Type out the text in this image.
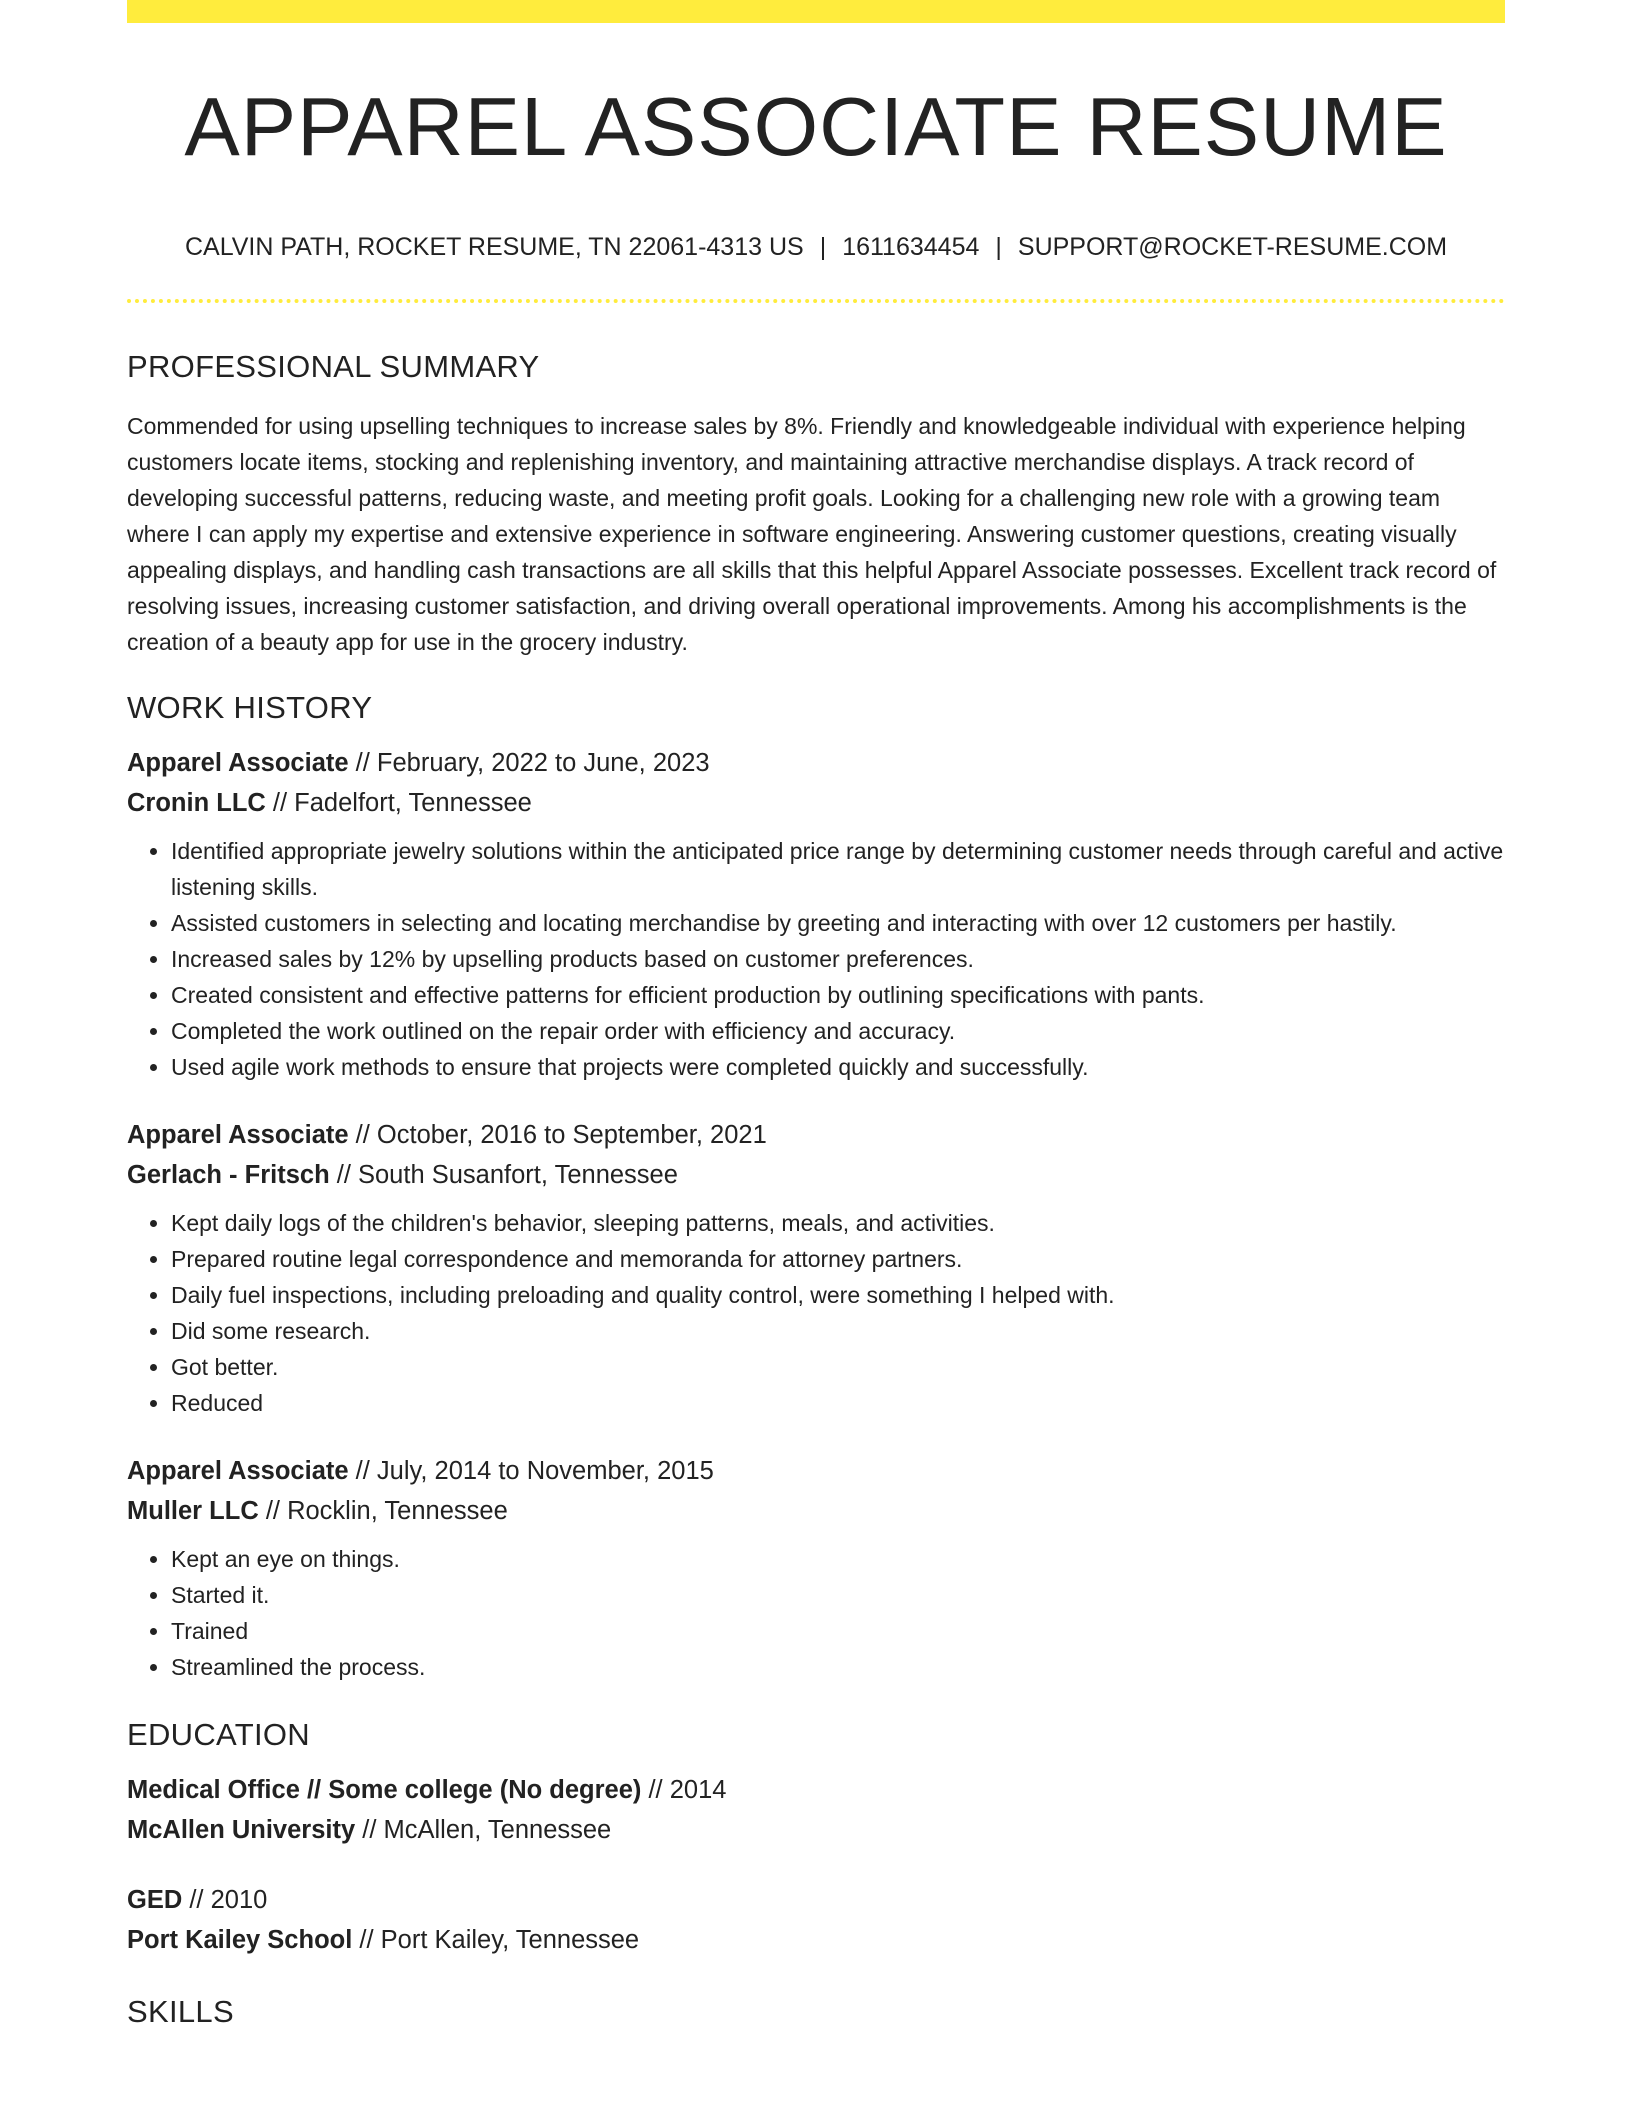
APPAREL ASSOCIATE RESUME
CALVIN PATH, ROCKET RESUME, TN 22061-4313 US | 1611634454 | SUPPORT@ROCKET-RESUME.COM
PROFESSIONAL SUMMARY

Commended for using upselling techniques to increase sales by 8%. Friendly and knowledgeable individual with experience helping customers locate items, stocking and replenishing inventory, and maintaining attractive merchandise displays. A track record of developing successful patterns, reducing waste, and meeting profit goals. Looking for a challenging new role with a growing team where I can apply my expertise and extensive experience in software engineering. Answering customer questions, creating visually appealing displays, and handling cash transactions are all skills that this helpful Apparel Associate possesses. Excellent track record of resolving issues, increasing customer satisfaction, and driving overall operational improvements. Among his accomplishments is the creation of a beauty app for use in the grocery industry.

WORK HISTORY
Apparel Associate // February, 2022 to June, 2023
Cronin LLC // Fadelfort, Tennessee
• Identified appropriate jewelry solutions within the anticipated price range by determining customer needs through careful and active listening skills.
• Assisted customers in selecting and locating merchandise by greeting and interacting with over 12 customers per hastily.
• Increased sales by 12% by upselling products based on customer preferences.
• Created consistent and effective patterns for efficient production by outlining specifications with pants.
• Completed the work outlined on the repair order with efficiency and accuracy.
• Used agile work methods to ensure that projects were completed quickly and successfully.
Apparel Associate // October, 2016 to September, 2021
Gerlach - Fritsch // South Susanfort, Tennessee
• Kept daily logs of the children's behavior, sleeping patterns, meals, and activities.
• Prepared routine legal correspondence and memoranda for attorney partners.
• Daily fuel inspections, including preloading and quality control, were something I helped with.
• Did some research.
• Got better.
• Reduced
Apparel Associate // July, 2014 to November, 2015
Muller LLC // Rocklin, Tennessee
• Kept an eye on things.
• Started it.
• Trained
• Streamlined the process.
EDUCATION
Medical Office // Some college (No degree) // 2014
McAllen University // McAllen, Tennessee
GED // 2010
Port Kailey School // Port Kailey, Tennessee
SKILLS
